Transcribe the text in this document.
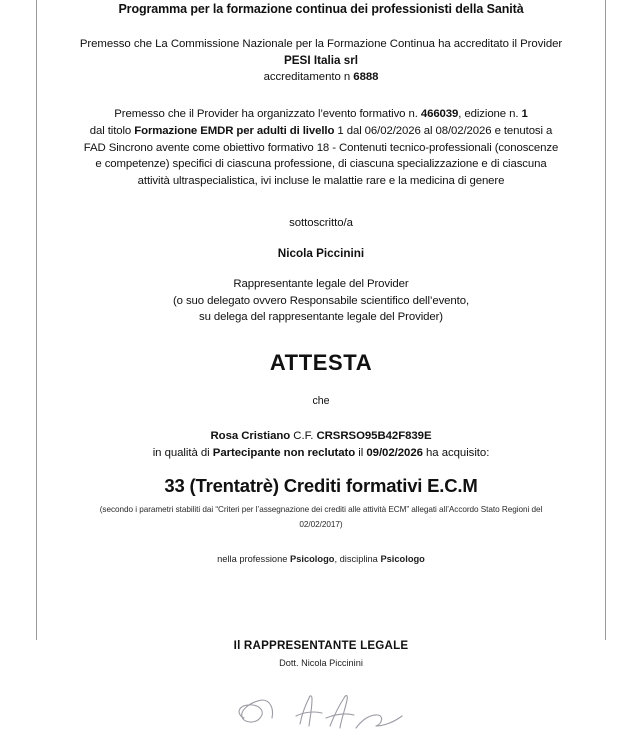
Programma per la formazione continua dei professionisti della Sanità
Premesso che La Commissione Nazionale per la Formazione Continua ha accreditato il Provider
PESI Italia srl
accreditamento n 6888
Premesso che il Provider ha organizzato l’evento formativo n. 466039, edizione n. 1
dal titolo Formazione EMDR per adulti di livello 1 dal 06/02/2026 al 08/02/2026 e tenutosi a
FAD Sincrono avente come obiettivo formativo 18 - Contenuti tecnico-professionali (conoscenze
e competenze) specifici di ciascuna professione, di ciascuna specializzazione e di ciascuna
attività ultraspecialistica, ivi incluse le malattie rare e la medicina di genere
sottoscritto/a
Nicola Piccinini
Rappresentante legale del Provider
(o suo delegato ovvero Responsabile scientifico dell’evento,
su delega del rappresentante legale del Provider)
ATTESTA
che
Rosa Cristiano C.F. CRSRSO95B42F839E
in qualità di Partecipante non reclutato il 09/02/2026 ha acquisito:
33 (Trentatrè) Crediti formativi E.C.M
(secondo i parametri stabiliti dai “Criteri per l’assegnazione dei crediti alle attività ECM” allegati all’Accordo Stato Regioni del
02/02/2017)
nella professione Psicologo, disciplina Psicologo
Il RAPPRESENTANTE LEGALE
Dott. Nicola Piccinini
